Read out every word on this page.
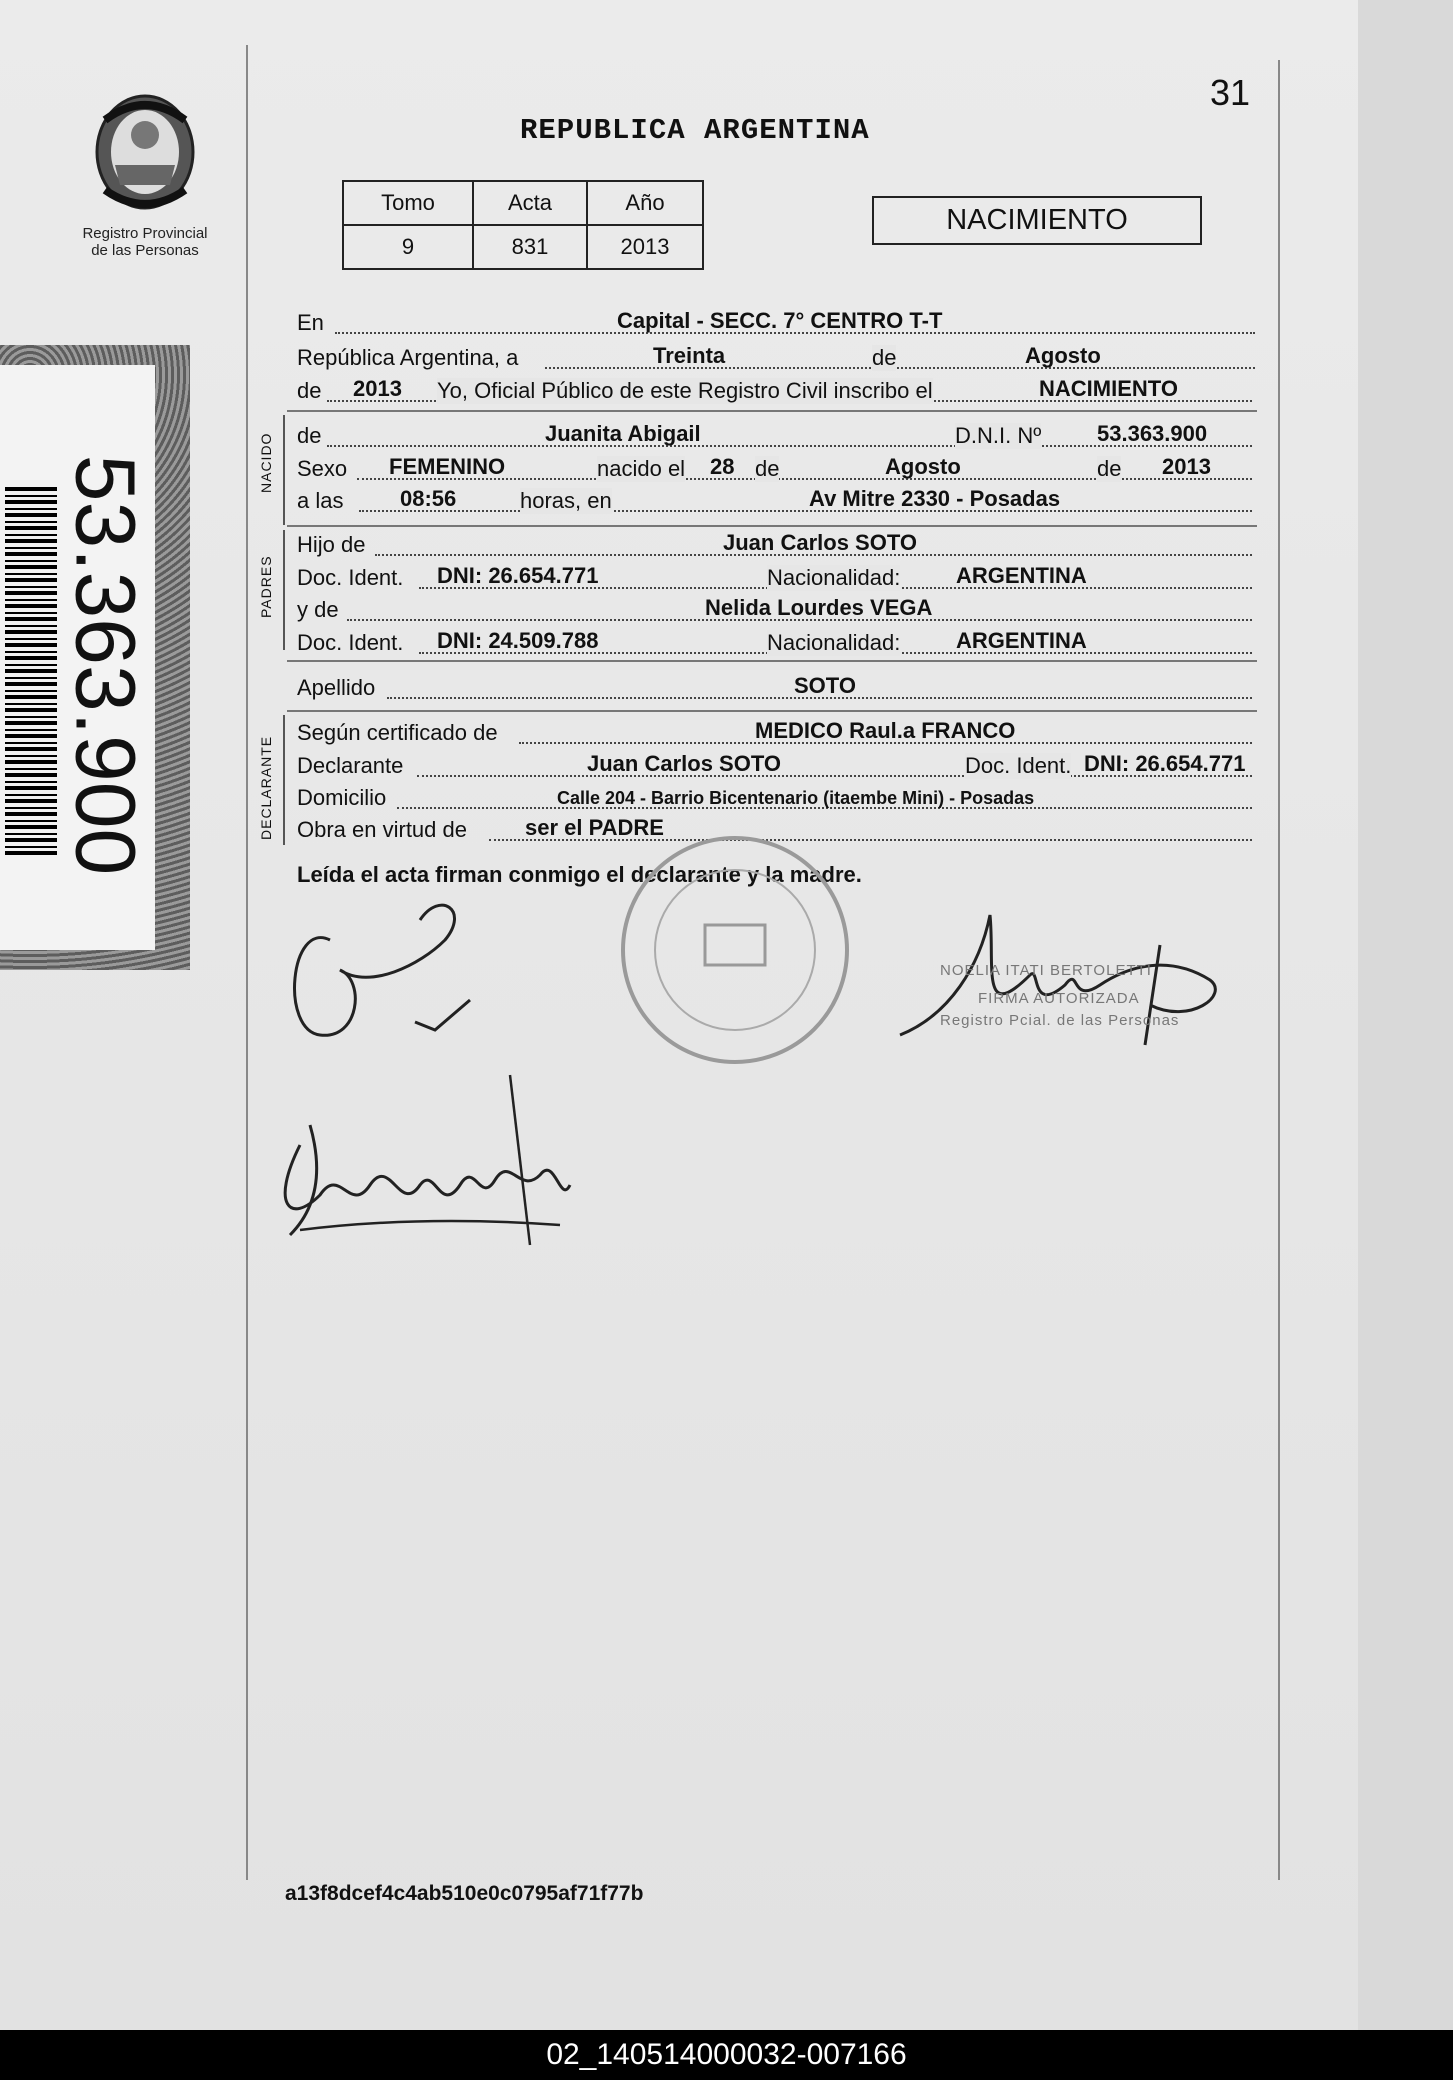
Registro Provincial
de las Personas
53.363.900
31
REPUBLICA ARGENTINA
Tomo	Acta	Año
9	831	2013
NACIMIENTO
En	Capital - SECC. 7° CENTRO T-T
República Argentina, a	Treinta	de	Agosto
de 2013 Yo, Oficial Público de este Registro Civil inscribo el	NACIMIENTO
NACIDO de	Juanita Abigail	D.N.I. Nº	53.363.900
Sexo FEMENINO	nacido el 28 de	Agosto	de 2013
a las	08:56	horas, en	Av Mitre 2330 - Posadas
PADRES
Hijo de	Juan Carlos SOTO
Doc. Ident. DNI: 26.654.771	Nacionalidad:	ARGENTINA
y de	Nelida Lourdes VEGA
Doc. Ident. DNI: 24.509.788	Nacionalidad:	ARGENTINA
Apellido	SOTO
DECLARANTE
Según certificado de	MEDICO Raul.a FRANCO
Declarante	Juan Carlos SOTO	Doc. Ident. DNI: 26.654.771
Domicilio	Calle 204 - Barrio Bicentenario (itaembe Mini) - Posadas
Obra en virtud de	ser el PADRE
Leída el acta firman conmigo el declarante y la madre.
NOELIA ITATI BERTOLETTI
FIRMA AUTORIZADA
Registro Pcial. de las Personas
a13f8dcef4c4ab510e0c0795af71f77b
02_140514000032-007166
